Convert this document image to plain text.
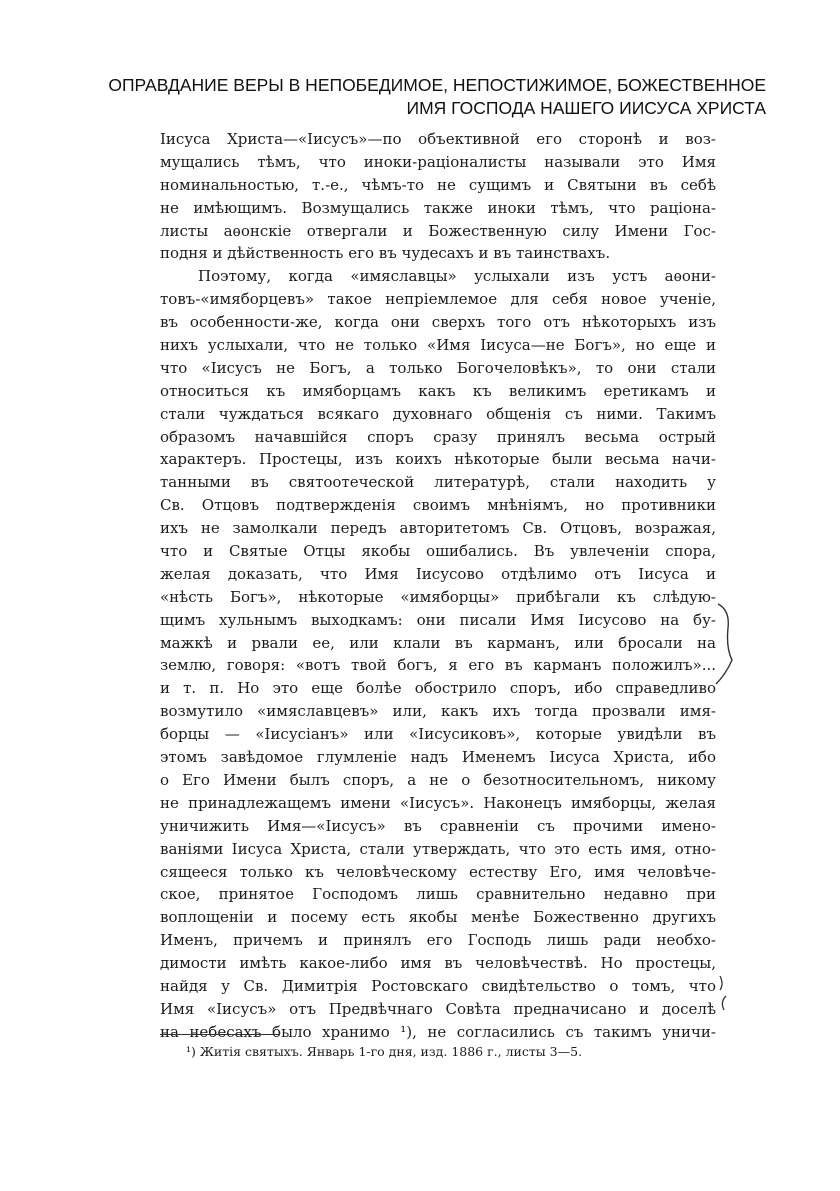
ОПРАВДАНИЕ ВЕРЫ В НЕПОБЕДИМОЕ, НЕПОСТИЖИМОЕ, БОЖЕСТВЕННОЕ
ИМЯ ГОСПОДА НАШЕГО ИИСУСА ХРИСТА
Іисуса Христа—«Іисусъ»—по объективной его сторонѣ и воз-
мущались тѣмъ, что иноки-раціоналисты называли это Имя
номинальностью, т.-е., чѣмъ-то не сущимъ и Святыни въ себѣ
не имѣющимъ. Возмущались также иноки тѣмъ, что раціона-
листы аѳонскіе отвергали и Божественную силу Имени Гос-
подня и дѣйственность его въ чудесахъ и въ таинствахъ.
Поэтому, когда «имяславцы» услыхали изъ устъ аѳони-
товъ-«имяборцевъ» такое непріемлемое для себя новое ученіе,
въ особенности-же, когда они сверхъ того отъ нѣкоторыхъ изъ
нихъ услыхали, что не только «Имя Іисуса—не Богъ», но еще и
что «Іисусъ не Богъ, а только Богочеловѣкъ», то они стали
относиться къ имяборцамъ какъ къ великимъ еретикамъ и
стали чуждаться всякаго духовнаго общенія съ ними. Такимъ
образомъ начавшійся споръ сразу принялъ весьма острый
характеръ. Простецы, изъ коихъ нѣкоторые были весьма начи-
танными въ святоотеческой литературѣ, стали находить у
Св. Отцовъ подтвержденія своимъ мнѣніямъ, но противники
ихъ не замолкали передъ авторитетомъ Св. Отцовъ, возражая,
что и Святые Отцы якобы ошибались. Въ увлеченіи спора,
желая доказать, что Имя Іисусово отдѣлимо отъ Іисуса и
«нѣсть Богъ», нѣкоторые «имяборцы» прибѣгали къ слѣдую-
щимъ хульнымъ выходкамъ: они писали Имя Іисусово на бу-
мажкѣ и рвали ее, или клали въ карманъ, или бросали на
землю, говоря: «вотъ твой богъ, я его въ карманъ положилъ»...
и т. п. Но это еще болѣе обострило споръ, ибо справедливо
возмутило «имяславцевъ» или, какъ ихъ тогда прозвали имя-
борцы — «Іисусіанъ» или «Іисусиковъ», которые увидѣли въ
этомъ завѣдомое глумленіе надъ Именемъ Іисуса Христа, ибо
о Его Имени былъ споръ, а не о безотносительномъ, никому
не принадлежащемъ имени «Іисусъ». Наконецъ имяборцы, желая
уничижить Имя—«Іисусъ» въ сравненіи съ прочими имено-
ваніями Іисуса Христа, стали утверждать, что это есть имя, отно-
сящееся только къ человѣческому естеству Его, имя человѣче-
ское, принятое Господомъ лишь сравнительно недавно при
воплощеніи и посему есть якобы менѣе Божественно другихъ
Именъ, причемъ и принялъ его Господь лишь ради необхо-
димости имѣть какое-либо имя въ человѣчествѣ. Но простецы,
найдя у Св. Димитрія Ростовскаго свидѣтельство о томъ, что
Имя «Іисусъ» отъ Предвѣчнаго Совѣта предначисано и доселѣ
на небесахъ было хранимо ¹), не согласились съ такимъ уничи-
¹) Житія святыхъ. Январь 1-го дня, изд. 1886 г., листы 3—5.
